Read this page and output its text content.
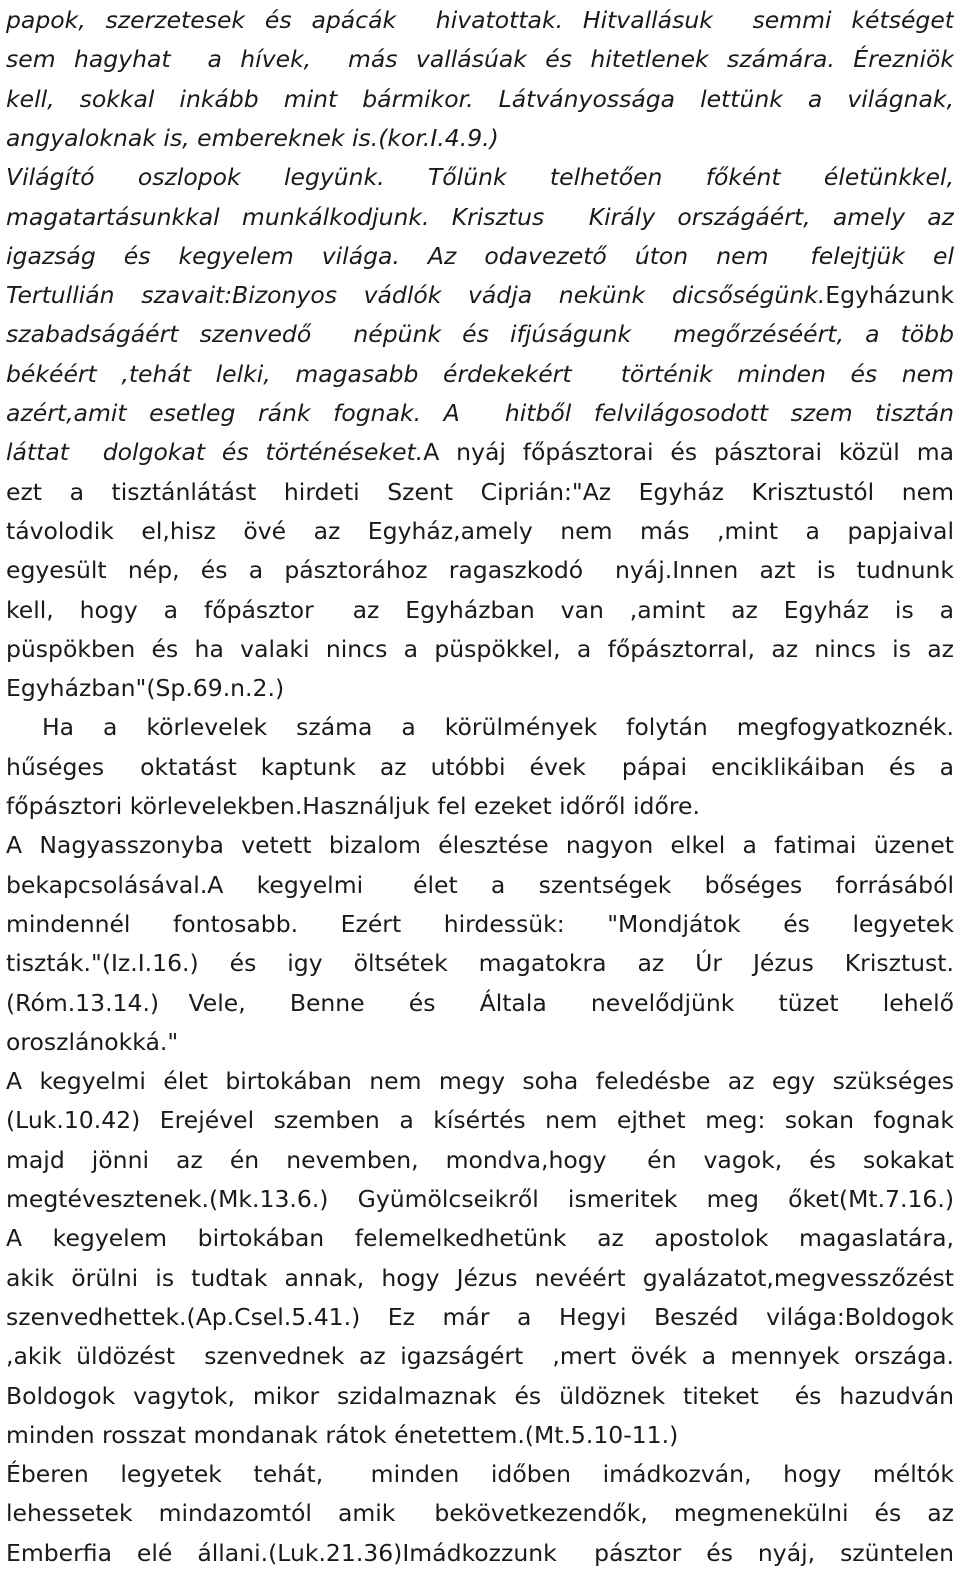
papok, szerzetesek és apácák  hivatottak. Hitvallásuk  semmi kétséget
sem hagyhat  a hívek,  más vallásúak és hitetlenek számára. Érezniök
kell, sokkal inkább mint bármikor. Látványossága lettünk a világnak,
angyaloknak is, embereknek is.(kor.I.4.9.)
Világító  oszlopok  legyünk.  Tőlünk  telhetően  főként  életünkkel,
magatartásunkkal munkálkodjunk. Krisztus  Király országáért, amely az
igazság  és  kegyelem  világa.  Az  odavezető  úton  nem   felejtjük  el
Tertullián szavait:Bizonyos vádlók vádja nekünk dicsőségünk.Egyházunk
szabadságáért szenvedő  népünk és ifjúságunk  megőrzéséért, a több
békéért ,tehát lelki, magasabb érdekekért  történik minden és nem
azért,amit esetleg ránk fognak. A  hitből felvilágosodott szem tisztán
láttat  dolgokat és történéseket.A nyáj főpásztorai és pásztorai közül ma
ezt  a  tisztánlátást  hirdeti  Szent  Ciprián:"Az  Egyház  Krisztustól  nem
távolodik  el,hisz  övé  az  Egyház,amely  nem  más  ,mint  a  papjaival
egyesült  nép,  és  a  pásztorához  ragaszkodó   nyáj.Innen  azt  is  tudnunk
kell,  hogy  a  főpásztor   az  Egyházban  van  ,amint  az  Egyház  is  a
püspökben és ha valaki nincs a püspökkel, a főpásztorral, az nincs is az
Egyházban"(Sp.69.n.2.)
Ha  a  körlevelek  száma  a  körülmények  folytán  megfogyatkoznék.
hűséges   oktatást  kaptunk  az  utóbbi  évek   pápai  enciklikáiban  és  a
főpásztori körlevelekben.Használjuk fel ezeket időről időre.
A Nagyasszonyba vetett bizalom élesztése nagyon elkel a fatimai üzenet
bekapcsolásával.A  kegyelmi   élet  a  szentségek  bőséges  forrásából
mindennél   fontosabb.   Ezért   hirdessük:   "Mondjátok   és   legyetek
tiszták."(Iz.I.16.)  és  igy  öltsétek  magatokra  az  Úr  Jézus  Krisztust.
(Róm.13.14.)  Vele,   Benne   és   Általa   nevelődjünk   tüzet   lehelő
oroszlánokká."
A kegyelmi élet birtokában nem megy soha feledésbe az egy szükséges
(Luk.10.42) Erejével szemben a kísértés nem ejthet meg: sokan fognak
majd  jönni  az  én  nevemben,  mondva,hogy   én  vagok,  és  sokakat
megtévesztenek.(Mk.13.6.) Gyümölcseikről ismeritek meg őket(Mt.7.16.)
A  kegyelem  birtokában  felemelkedhetünk  az  apostolok  magaslatára,
akik örülni is tudtak annak, hogy Jézus nevéért gyalázatot,megvesszőzést
szenvedhettek.(Ap.Csel.5.41.)  Ez  már  a  Hegyi  Beszéd  világa:Boldogok
,akik üldözést  szenvednek az igazságért  ,mert övék a mennyek országa.
Boldogok vagytok, mikor szidalmaznak és üldöznek titeket  és hazudván
minden rosszat mondanak rátok énetettem.(Mt.5.10-11.)
Éberen  legyetek  tehát,   minden  időben  imádkozván,  hogy  méltók
lehessetek  mindazomtól  amik   bekövetkezendők,  megmenekülni  és  az
Emberfia  elé  állani.(Luk.21.36)Imádkozzunk   pásztor  és  nyáj,  szüntelen
